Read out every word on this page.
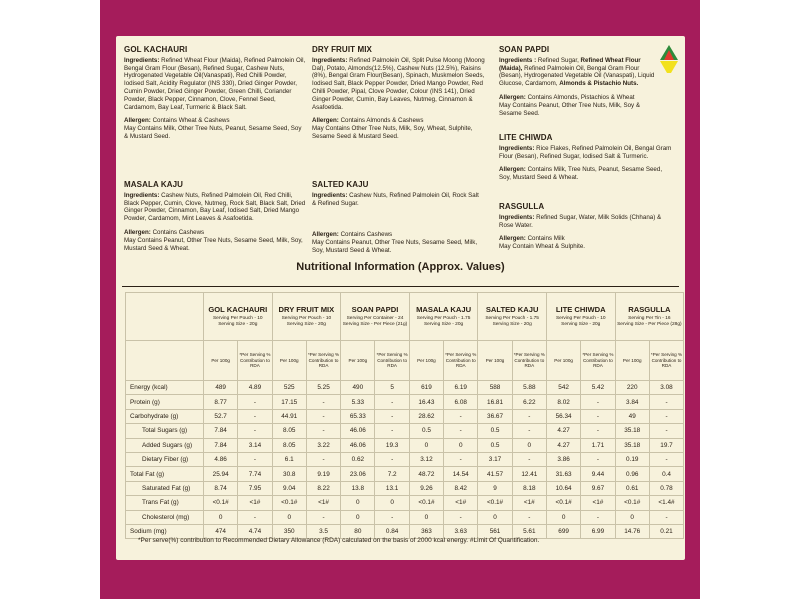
GOL KACHAURI
Ingredients: Refined Wheat Flour (Maida), Refined Palmolein Oil, Bengal Gram Flour (Besan), Refined Sugar, Cashew Nuts, Hydrogenated Vegetable Oil(Vanaspati), Red Chilli Powder, Iodised Salt, Acidity Regulator (INS 330), Dried Ginger Powder, Cumin Powder, Dried Ginger Powder, Green Chilli, Coriander Powder, Black Pepper, Cinnamon, Clove, Fennel Seed, Cardamom, Bay Leaf, Turmeric & Black Salt.
Allergen: Contains Wheat & Cashews
May Contains Milk, Other Tree Nuts, Peanut, Sesame Seed, Soy & Mustard Seed.
DRY FRUIT MIX
Ingredients: Refined Palmolein Oil, Split Pulse Moong (Moong Dal), Potato, Almonds(12.5%), Cashew Nuts (12.5%), Raisins (8%), Bengal Gram Flour(Besan), Spinach, Muskmelon Seeds, Iodised Salt, Black Pepper Powder, Dried Mango Powder, Red Chilli Powder, Pipal, Clove Powder, Colour (INS 141), Dried Ginger Powder, Cumin, Bay Leaves, Nutmeg, Cinnamon & Asafoetida.
Allergen: Contains Almonds & Cashews
May Contains Other Tree Nuts, Milk, Soy, Wheat, Sulphite, Sesame Seed & Mustard Seed.
SOAN PAPDI
Ingredients : Refined Sugar, Refined Wheat Flour (Maida), Refined Palmolein Oil, Bengal Gram Flour (Besan), Hydrogenated Vegetable Oil (Vanaspati), Liquid Glucose, Cardamom, Almonds & Pistachio Nuts.
Allergen: Contains Almonds, Pistachios & Wheat
May Contains Peanut, Other Tree Nuts, Milk, Soy & Sesame Seed.
LITE CHIWDA
Ingredients: Rice Flakes, Refined Palmolein Oil, Bengal Gram Flour (Besan), Refined Sugar, Iodised Salt & Turmeric.
Allergen: Contains Milk, Tree Nuts, Peanut, Sesame Seed, Soy, Mustard Seed & Wheat.
MASALA KAJU
Ingredients: Cashew Nuts, Refined Palmolein Oil, Red Chilli, Black Pepper, Cumin, Clove, Nutmeg, Rock Salt, Black Salt, Dried Ginger Powder, Cinnamon, Bay Leaf, Iodised Salt, Dried Mango Powder, Cardamom, Mint Leaves & Asafoetida.
Allergen: Contains Cashews
May Contains Peanut, Other Tree Nuts, Sesame Seed, Milk, Soy, Mustard Seed & Wheat.
SALTED KAJU
Ingredients: Cashew Nuts, Refined Palmolein Oil, Rock Salt & Refined Sugar.
Allergen: Contains Cashews
May Contains Peanut, Other Tree Nuts, Sesame Seed, Milk, Soy, Mustard Seed & Wheat.
RASGULLA
Ingredients: Refined Sugar, Water, Milk Solids (Chhana) & Rose Water.
Allergen: Contains Milk
May Contain Wheat & Sulphite.
Nutritional Information (Approx. Values)

	GOL KACHAURI
Serving Per Pouch - 10
Serving Size - 20g		DRY FRUIT MIX
Serving Per Pouch - 10
Serving Size - 20g		SOAN PAPDI
Serving Per Container - 24
Serving Size - Per Piece (21g)		MASALA KAJU
Serving Per Pouch - 1.75
Serving Size - 20g		SALTED KAJU
Serving Per Pouch - 1.75
Serving Size - 20g		LITE CHIWDA
Serving Per Pouch - 10
Serving Size - 20g		RASGULLA
Serving Per Tin - 16
Serving Size - Per Piece (28g)	

	Per 100g	*Per Serving %
Contribution to
RDA	Per 100g	*Per Serving %
Contribution to
RDA	Per 100g	*Per Serving %
Contribution to
RDA	Per 100g	*Per Serving %
Contribution to
RDA	Per 100g	*Per Serving %
Contribution to
RDA	Per 100g	*Per Serving %
Contribution to
RDA	Per 100g	*Per Serving %
Contribution to
RDA

Energy (kcal)	489	4.89	525	5.25	490	5	619	6.19	588	5.88	542	5.42	220	3.08
Protein (g)	8.77	-	17.15	-	5.33	-	16.43	6.08	16.81	6.22	8.02	-	3.84	-
Carbohydrate (g)	52.7	-	44.91	-	65.33	-	28.62	-	36.67	-	56.34	-	49	-
Total Sugars (g)	7.84	-	8.05	-	46.06	-	0.5	-	0.5	-	4.27	-	35.18	-
Added Sugars (g)	7.84	3.14	8.05	3.22	46.06	19.3	0	0	0.5	0	4.27	1.71	35.18	19.7
Dietary Fiber (g)	4.86	-	6.1	-	0.62	-	3.12	-	3.17	-	3.86	-	0.19	-
Total Fat (g)	25.94	7.74	30.8	9.19	23.06	7.2	48.72	14.54	41.57	12.41	31.63	9.44	0.96	0.4
Saturated Fat (g)	8.74	7.95	9.04	8.22	13.8	13.1	9.26	8.42	9	8.18	10.64	9.67	0.61	0.78
Trans Fat (g)	<0.1#	<1#	<0.1#	<1#	0	0	<0.1#	<1#	<0.1#	<1#	<0.1#	<1#	<0.1#	<1.4#
Cholesterol (mg)	0	-	0	-	0	-	0	-	0	-	0	-	0	-
Sodium (mg)	474	4.74	350	3.5	80	0.84	363	3.63	561	5.61	699	6.99	14.76	0.21
*Per serve(%) contribution to Recommended Dietary Allowance (RDA) calculated on the basis of 2000 kcal energy. #Limit Of Quantification.
